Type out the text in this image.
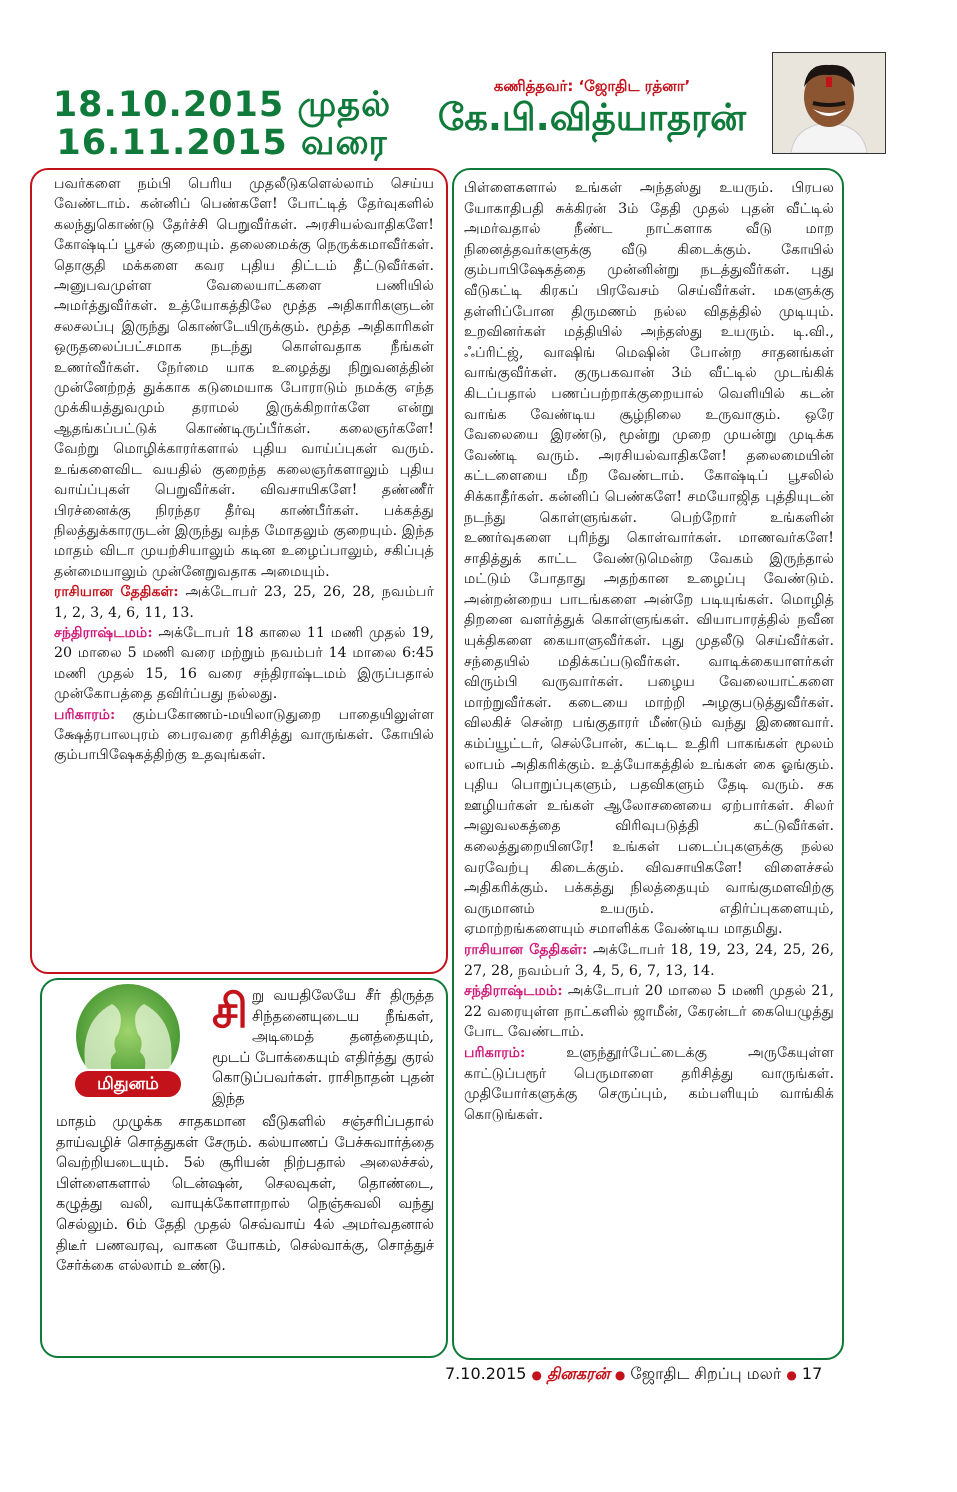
18.10.2015 முதல்
16.11.2015 வரை
கணித்தவர்: ‘ஜோதிட ரத்னா’
கே.பி.வித்யாதரன்

பவர்களை நம்பி பெரிய முதலீடுகளெல்லாம் செய்ய வேண்டாம். கன்னிப் பெண்களே! போட்டித் தேர்வுகளில் கலந்துகொண்டு தேர்ச்சி பெறுவீர்கள். அரசியல்வாதிகளே! கோஷ்டிப் பூசல் குறையும். தலைமைக்கு நெருக்கமாவீர்கள். தொகுதி மக்களை கவர புதிய திட்டம் தீட்டுவீர்கள். அனுபவமுள்ள வேலையாட்களை பணியில் அமர்த்துவீர்கள். உத்யோகத்திலே மூத்த அதிகாரிகளுடன் சலசலப்பு இருந்து கொண்டேயிருக்கும். மூத்த அதிகாரிகள் ஒருதலைப்பட்சமாக நடந்து கொள்வதாக நீங்கள் உணர்வீர்கள். நேர்மை யாக உழைத்து நிறுவனத்தின் முன்னேற்றத் துக்காக கடுமையாக போராடும் நமக்கு எந்த முக்கியத்துவமும் தராமல் இருக்கிறார்களே என்று ஆதங்கப்பட்டுக் கொண்டிருப்பீர்கள். கலைஞர்களே! வேற்று மொழிக்காரர்களால் புதிய வாய்ப்புகள் வரும். உங்களைவிட வயதில் குறைந்த கலைஞர்களாலும் புதிய வாய்ப்புகள் பெறுவீர்கள். விவசாயிகளே! தண்ணீர் பிரச்னைக்கு நிரந்தர தீர்வு காண்பீர்கள். பக்கத்து நிலத்துக்காரருடன் இருந்து வந்த மோதலும் குறையும். இந்த மாதம் விடா முயற்சியாலும் கடின உழைப்பாலும், சகிப்புத் தன்மையாலும் முன்னேறுவதாக அமையும்.

ராசியான தேதிகள்: அக்டோபர் 23, 25, 26, 28, நவம்பர் 1, 2, 3, 4, 6, 11, 13.

சந்திராஷ்டமம்: அக்டோபர் 18 காலை 11 மணி முதல் 19, 20 மாலை 5 மணி வரை மற்றும் நவம்பர் 14 மாலை 6:45 மணி முதல் 15, 16 வரை சந்திராஷ்டமம் இருப்பதால் முன்கோபத்தை தவிர்ப்பது நல்லது.

பரிகாரம்: கும்பகோணம்-மயிலாடுதுறை பாதையிலுள்ள க்ஷேத்ரபாலபுரம் பைரவரை தரிசித்து வாருங்கள். கோயில் கும்பாபிஷேகத்திற்கு உதவுங்கள்.

மிதுனம்
சி று வயதிலேயே சீர் திருத்த சிந்தனையுடைய நீங்கள், அடிமைத் தனத்தையும், மூடப் போக்கையும் எதிர்த்து குரல் கொடுப்பவர்கள். ராசிநாதன் புதன் இந்த

மாதம் முழுக்க சாதகமான வீடுகளில் சஞ்சரிப்பதால் தாய்வழிச் சொத்துகள் சேரும். கல்யாணப் பேச்சுவார்த்தை வெற்றியடையும். 5ல் சூரியன் நிற்பதால் அலைச்சல், பிள்ளைகளால் டென்ஷன், செலவுகள், தொண்டை, கழுத்து வலி, வாயுக்கோளாறால் நெஞ்சுவலி வந்து செல்லும். 6ம் தேதி முதல் செவ்வாய் 4ல் அமர்வதனால் திடீர் பணவரவு, வாகன யோகம், செல்வாக்கு, சொத்துச் சேர்க்கை எல்லாம் உண்டு.

பிள்ளைகளால் உங்கள் அந்தஸ்து உயரும். பிரபல யோகாதிபதி சுக்கிரன் 3ம் தேதி முதல் புதன் வீட்டில் அமர்வதால் நீண்ட நாட்களாக வீடு மாற நினைத்தவர்களுக்கு வீடு கிடைக்கும். கோயில் கும்பாபிஷேகத்தை முன்னின்று நடத்துவீர்கள். புது வீடுகட்டி கிரகப் பிரவேசம் செய்வீர்கள். மகளுக்கு தள்ளிப்போன திருமணம் நல்ல விதத்தில் முடியும். உறவினர்கள் மத்தியில் அந்தஸ்து உயரும். டி.வி., ஃப்ரிட்ஜ், வாஷிங் மெஷின் போன்ற சாதனங்கள் வாங்குவீர்கள். குருபகவான் 3ம் வீட்டில் முடங்கிக் கிடப்பதால் பணப்பற்றாக்குறையால் வெளியில் கடன் வாங்க வேண்டிய சூழ்நிலை உருவாகும். ஒரே வேலையை இரண்டு, மூன்று முறை முயன்று முடிக்க வேண்டி வரும். அரசியல்வாதிகளே! தலைமையின் கட்டளையை மீற வேண்டாம். கோஷ்டிப் பூசலில் சிக்காதீர்கள். கன்னிப் பெண்களே! சமயோஜித புத்தியுடன் நடந்து கொள்ளுங்கள். பெற்றோர் உங்களின் உணர்வுகளை புரிந்து கொள்வார்கள். மாணவர்களே! சாதித்துக் காட்ட வேண்டுமென்ற வேகம் இருந்தால் மட்டும் போதாது அதற்கான உழைப்பு வேண்டும். அன்றன்றைய பாடங்களை அன்றே படியுங்கள். மொழித் திறனை வளர்த்துக் கொள்ளுங்கள். வியாபாரத்தில் நவீன யுக்திகளை கையாளுவீர்கள். புது முதலீடு செய்வீர்கள். சந்தையில் மதிக்கப்படுவீர்கள். வாடிக்கையாளர்கள் விரும்பி வருவார்கள். பழைய வேலையாட்களை மாற்றுவீர்கள். கடையை மாற்றி அழகுபடுத்துவீர்கள். விலகிச் சென்ற பங்குதாரர் மீண்டும் வந்து இணைவார். கம்ப்யூட்டர், செல்போன், கட்டிட உதிரி பாகங்கள் மூலம் லாபம் அதிகரிக்கும். உத்யோகத்தில் உங்கள் கை ஓங்கும். புதிய பொறுப்புகளும், பதவிகளும் தேடி வரும். சக ஊழியர்கள் உங்கள் ஆலோசனையை ஏற்பார்கள். சிலர் அலுவலகத்தை விரிவுபடுத்தி கட்டுவீர்கள். கலைத்துறையினரே! உங்கள் படைப்புகளுக்கு நல்ல வரவேற்பு கிடைக்கும். விவசாயிகளே! விளைச்சல் அதிகரிக்கும். பக்கத்து நிலத்தையும் வாங்குமளவிற்கு வருமானம் உயரும். எதிர்ப்புகளையும், ஏமாற்றங்களையும் சமாளிக்க வேண்டிய மாதமிது.

ராசியான தேதிகள்: அக்டோபர் 18, 19, 23, 24, 25, 26, 27, 28, நவம்பர் 3, 4, 5, 6, 7, 13, 14.

சந்திராஷ்டமம்: அக்டோபர் 20 மாலை 5 மணி முதல் 21, 22 வரையுள்ள நாட்களில் ஜாமீன், கேரன்டர் கையெழுத்து போட வேண்டாம்.

பரிகாரம்:	உளுந்தூர்பேட்டைக்கு அருகேயுள்ள காட்டுப்பரூர் பெருமாளை தரிசித்து வாருங்கள். முதியோர்களுக்கு செருப்பும், கம்பளியும் வாங்கிக் கொடுங்கள்.

7.10.2015 ● தினகரன் ● ஜோதிட சிறப்பு மலர் ● 17
